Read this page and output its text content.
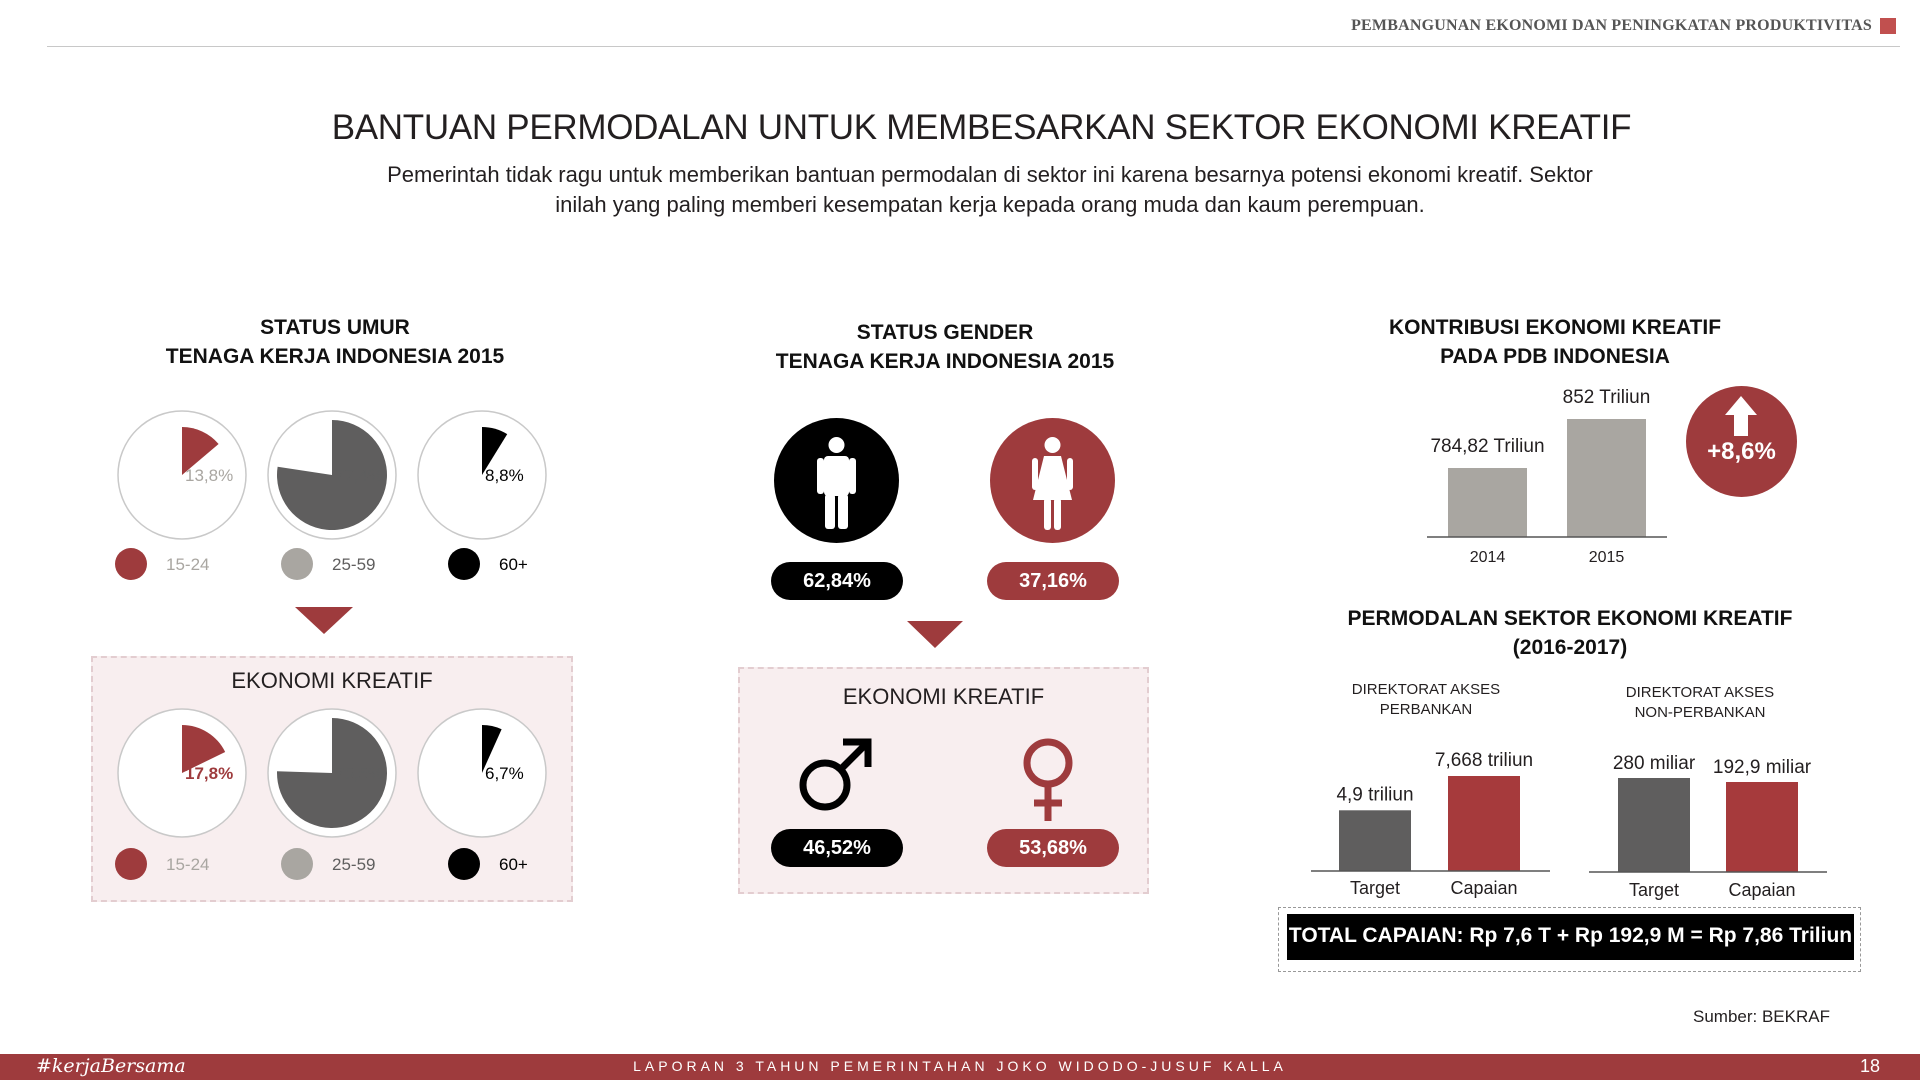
PEMBANGUNAN EKONOMI DAN PENINGKATAN PRODUKTIVITAS
BANTUAN PERMODALAN UNTUK MEMBESARKAN SEKTOR EKONOMI KREATIF
Pemerintah tidak ragu untuk memberikan bantuan permodalan di sektor ini karena besarnya potensi ekonomi kreatif. Sektor inilah yang paling memberi kesempatan kerja kepada orang muda dan kaum perempuan.
STATUS UMUR
TENAGA KERJA INDONESIA 2015
13,8%	77,4%	8,8%
15-24	25-59	60+
EKONOMI KREATIF
17,8%	75,5%	6,7%
15-24	25-59	60+
STATUS GENDER
TENAGA KERJA INDONESIA 2015
62,84%	37,16%
EKONOMI KREATIF
46,52%	53,68%
KONTRIBUSI EKONOMI KREATIF
PADA PDB INDONESIA
784,82 Triliun
2014
852 Triliun
2015
+8,6%
PERMODALAN SEKTOR EKONOMI KREATIF
(2016-2017)
DIREKTORAT AKSES
PERBANKAN
DIREKTORAT AKSES
NON-PERBANKAN
4,9 triliun
Target
7,668 triliun
Capaian
280 miliar
Target
192,9 miliar
Capaian
TOTAL CAPAIAN: Rp 7,6 T + Rp 192,9 M = Rp 7,86 Triliun
Sumber: BEKRAF
#kerjaBersama	LAPORAN 3 TAHUN PEMERINTAHAN JOKO WIDODO-JUSUF KALLA	18
